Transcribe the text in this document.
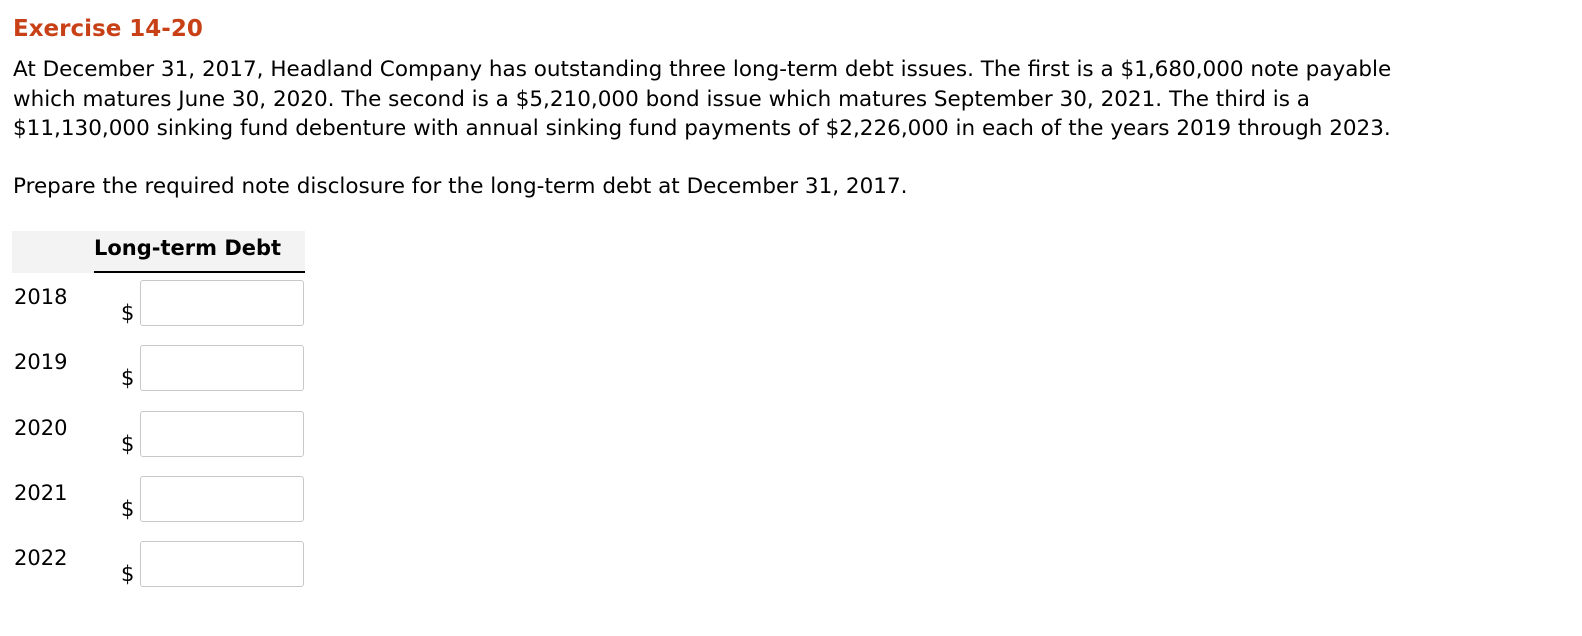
Exercise 14-20

At December 31, 2017, Headland Company has outstanding three long-term debt issues. The first is a $1,680,000 note payable
which matures June 30, 2020. The second is a $5,210,000 bond issue which matures September 30, 2021. The third is a
$11,130,000 sinking fund debenture with annual sinking fund payments of $2,226,000 in each of the years 2019 through 2023.

Prepare the required note disclosure for the long-term debt at December 31, 2017.

Long-term Debt
2018
$
2019
$
2020
$
2021
$
2022
$
